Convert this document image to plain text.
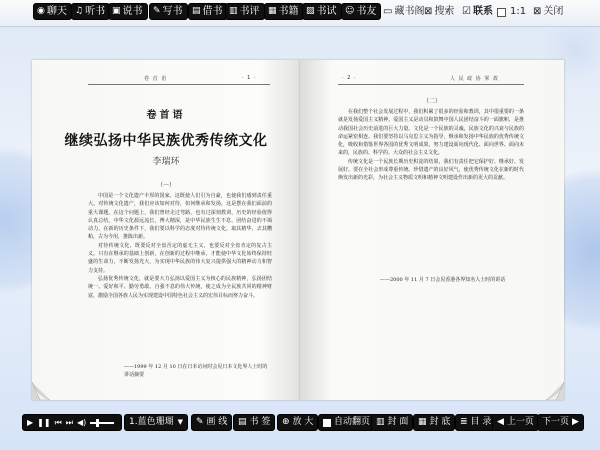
◉ 聊天 ♫ 听书 ▣ 说书 ✎ 写书 ▤ 借书 ▥ 书评 ▦ 书籍 ▧ 书试 ☺ 书友 ▭ 藏书阁 ⊠ 搜索 ☑ 联系 1:1 ⊠ 关闭
卷 首 语	· 1 ·
卷首语
继续弘扬中华民族优秀传统文化
李瑞环
（一）

中国是一个文化遗产丰厚的国家，这既使人们引为自豪，也使我们感到责任重大。对传统文化遗产，我们应该如何对待，如何继承和发扬，这是摆在我们面前的重大课题。在这个问题上，我们曾经走过弯路，也有过深刻教训，历史的经验值得认真总结。中华文化源远流长，博大精深，是中华民族生生不息、团结奋进的不竭动力。在新的历史条件下，我们要以科学的态度对待传统文化，取其精华，去其糟粕，古为今用，推陈出新。

对待传统文化，既要反对全盘否定的虚无主义，也要反对全盘肯定的复古主义。只有在继承的基础上创新，在创新的过程中继承，才能使中华文化始终保持旺盛的生命力，不断发扬光大，为实现中华民族的伟大复兴提供强大的精神动力和智力支持。

弘扬优秀传统文化，就是要大力弘扬以爱国主义为核心的民族精神，弘扬团结统一、爱好和平、勤劳勇敢、自强不息的伟大传统，使之成为全民族共同的精神财富，激励全国各族人民为实现建设中国特色社会主义的宏伟目标而努力奋斗。

——1999 年 12 月 10 日在日本访问时会见日本文化界人士时的讲话摘要
· 2 ·	人 民 政 协 掌 故
（二）

在我们整个社会发展过程中，我们积累了很多的经验和教训，其中很重要的一条就是发扬爱国主义精神。爱国主义是动员和鼓舞中国人民团结奋斗的一面旗帜，是推动我国社会历史前进的巨大力量。文化是一个民族的灵魂，民族文化的兴衰与民族的命运紧密相连。我们要坚持以马克思主义为指导，继承和发扬中华民族的优秀传统文化，吸收和借鉴世界各国的优秀文明成果，努力建设面向现代化、面向世界、面向未来的，民族的、科学的、大众的社会主义文化。

传统文化是一个民族长期历史积淀的结果，我们有责任把它保护好、继承好、发展好。要在全社会形成尊重传统、珍惜遗产的良好风气，使优秀传统文化在新的时代焕发出新的光彩，为社会主义物质文明和精神文明建设作出新的更大的贡献。

——2000 年 11 月 7 日会见香港各界知名人士时的讲话
▶ ❚❚ ⏮ ⏭ ◀)	1.蓝色珊瑚 ▼ ✎ 画 线 ▤ 书 签 ⊕ 放 大 自动翻页 ▥ 封 面 ▦ 封 底 ≣ 目 录 ◀ 上一页 下一页 ▶
